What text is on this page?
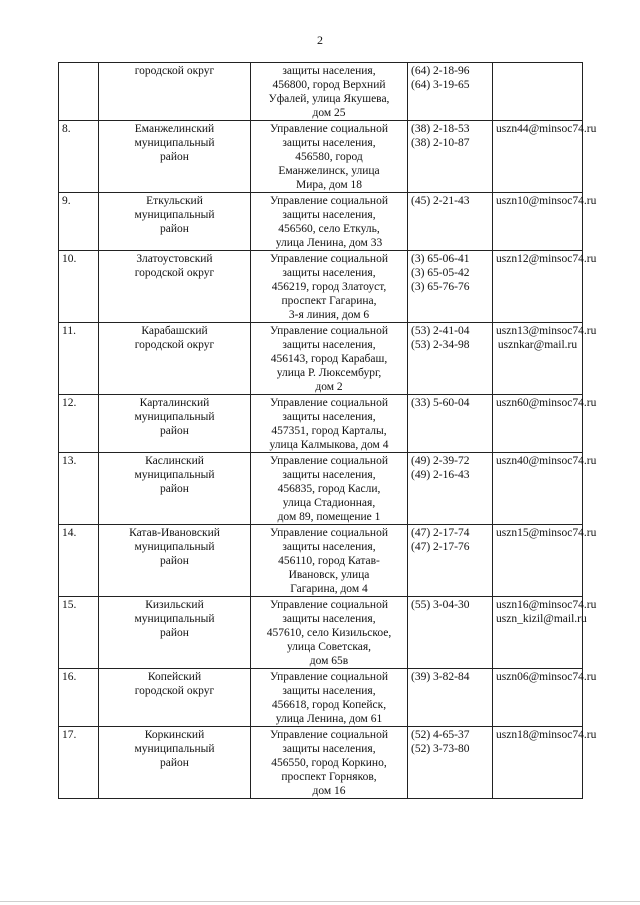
2

	городской округ	защиты населения,
456800, город Верхний
Уфалей, улица Якушева,
дом 25	(64) 2-18-96
(64) 3-19-65	

8.	Еманжелинский
муниципальный
район	Управление социальной
защиты населения,
456580, город
Еманжелинск, улица
Мира, дом 18	(38) 2-18-53
(38) 2-10-87	uszn44@minsoc74.ru

9.	Еткульский
муниципальный
район	Управление социальной
защиты населения,
456560, село Еткуль,
улица Ленина, дом 33	(45) 2-21-43	uszn10@minsoc74.ru

10.	Златоустовский
городской округ	Управление социальной
защиты населения,
456219, город Златоуст,
проспект Гагарина,
3-я линия, дом 6	(3) 65-06-41
(3) 65-05-42
(3) 65-76-76	uszn12@minsoc74.ru

11.	Карабашский
городской округ	Управление социальной
защиты населения,
456143, город Карабаш,
улица Р. Люксембург,
дом 2	(53) 2-41-04
(53) 2-34-98	uszn13@minsoc74.ru
usznkar@mail.ru

12.	Карталинский
муниципальный
район	Управление социальной
защиты населения,
457351, город Карталы,
улица Калмыкова, дом 4	(33) 5-60-04	uszn60@minsoc74.ru

13.	Каслинский
муниципальный
район	Управление социальной
защиты населения,
456835, город Касли,
улица Стадионная,
дом 89, помещение 1	(49) 2-39-72
(49) 2-16-43	uszn40@minsoc74.ru

14.	Катав-Ивановский
муниципальный
район	Управление социальной
защиты населения,
456110, город Катав-
Ивановск, улица
Гагарина, дом 4	(47) 2-17-74
(47) 2-17-76	uszn15@minsoc74.ru

15.	Кизильский
муниципальный
район	Управление социальной
защиты населения,
457610, село Кизильское,
улица Советская,
дом 65в	(55) 3-04-30	uszn16@minsoc74.ru
uszn_kizil@mail.ru

16.	Копейский
городской округ	Управление социальной
защиты населения,
456618, город Копейск,
улица Ленина, дом 61	(39) 3-82-84	uszn06@minsoc74.ru

17.	Коркинский
муниципальный
район	Управление социальной
защиты населения,
456550, город Коркино,
проспект Горняков,
дом 16	(52) 4-65-37
(52) 3-73-80	uszn18@minsoc74.ru
